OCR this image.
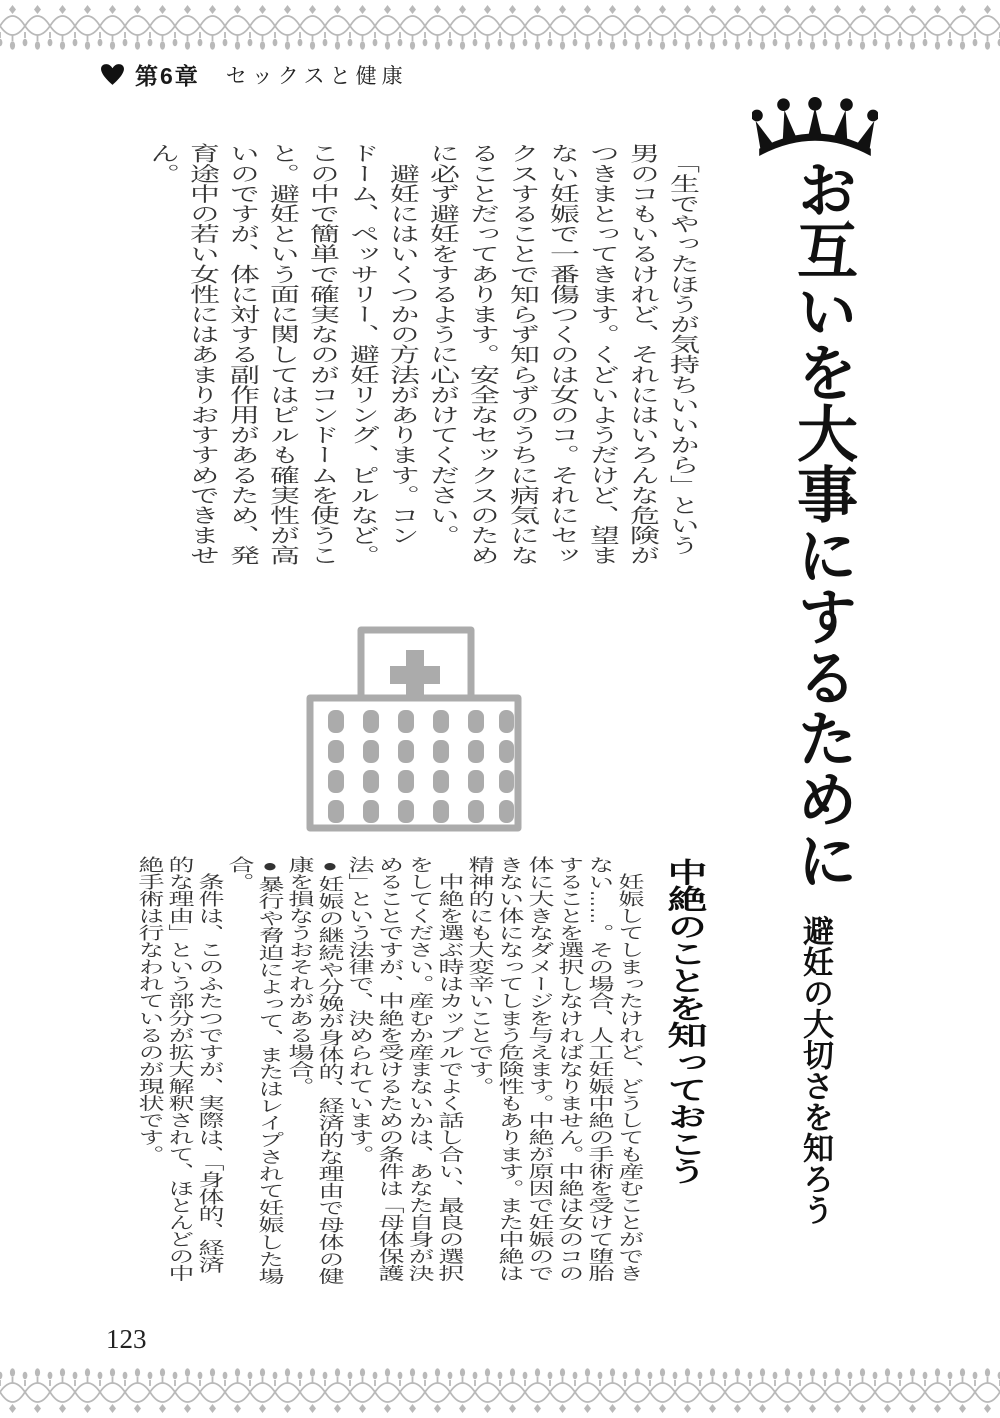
第6章 セックスと健康
お互いを大事にするために
避妊の大切さを知ろう
　「生でやったほうが気持ちいいから」という
男のコもいるけれど、それにはいろんな危険が
つきまとってきます。くどいようだけど、望ま
ない妊娠で一番傷つくのは女のコ。それにセッ
クスすることで知らず知らずのうちに病気にな
ることだってあります。安全なセックスのため
に必ず避妊をするように心がけてください。
　避妊にはいくつかの方法があります。コン
ドーム、ペッサリー、避妊リング、ピルなど。
この中で簡単で確実なのがコンドームを使うこ
と。避妊という面に関してはピルも確実性が高
いのですが、体に対する副作用があるため、発
育途中の若い女性にはあまりおすすめできませ
ん。
中絶のことを知っておこう
　妊娠してしまったけれど、どうしても産むことができ
ない……。その場合、人工妊娠中絶の手術を受けて堕胎
することを選択しなければなりません。中絶は女のコの
体に大きなダメージを与えます。中絶が原因で妊娠ので
きない体になってしまう危険性もあります。また中絶は
精神的にも大変辛いことです。
　中絶を選ぶ時はカップルでよく話し合い、最良の選択
をしてください。産むか産まないかは、あなた自身が決
めることですが、中絶を受けるための条件は「母体保護
法」という法律で、決められています。
●妊娠の継続や分娩が身体的、経済的な理由で母体の健
康を損なうおそれがある場合。
●暴行や脅迫によって、またはレイプされて妊娠した場
合。
　条件は、このふたつですが、実際は、「身体的、経済
的な理由」という部分が拡大解釈されて、ほとんどの中
絶手術は行なわれているのが現状です。
123
